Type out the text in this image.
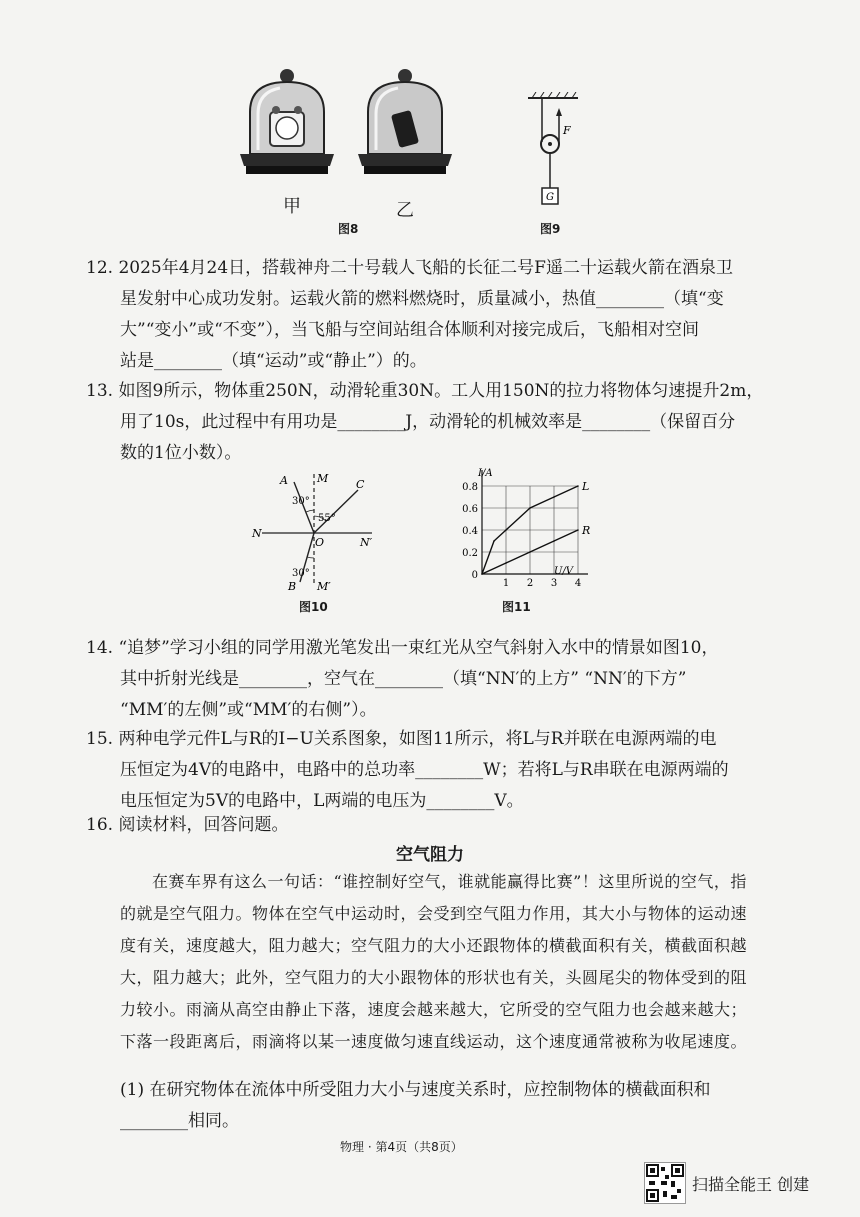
甲	乙
图8
F
G
图9
12. 2025年4月24日，搭载神舟二十号载人飞船的长征二号F遥二十运载火箭在酒泉卫
星发射中心成功发射。运载火箭的燃料燃烧时，质量减小，热值________（填“变
大”“变小”或“不变”），当飞船与空间站组合体顺利对接完成后，飞船相对空间
站是________（填“运动”或“静止”）的。
13. 如图9所示，物体重250N，动滑轮重30N。工人用150N的拉力将物体匀速提升2m，
用了10s，此过程中有用功是________J，动滑轮的机械效率是________（保留百分
数的1位小数）。
A	M	C
N
O	N′
B M′
30°
55°
30°
图10
0.8
0.6
0.4
0.2
0
1 2 3 4
I/A
U/V
L
R
图11
14. “追梦”学习小组的同学用激光笔发出一束红光从空气斜射入水中的情景如图10，
其中折射光线是________，空气在________（填“NN′的上方” “NN′的下方”
“MM′的左侧”或“MM′的右侧”）。
15. 两种电学元件L与R的I−U关系图象，如图11所示，将L与R并联在电源两端的电
压恒定为4V的电路中，电路中的总功率________W；若将L与R串联在电源两端的
电压恒定为5V的电路中，L两端的电压为________V。
16. 阅读材料，回答问题。
空气阻力

在赛车界有这么一句话：“谁控制好空气，谁就能赢得比赛”！这里所说的空气，指的就是空气阻力。物体在空气中运动时，会受到空气阻力作用，其大小与物体的运动速度有关，速度越大，阻力越大；空气阻力的大小还跟物体的横截面积有关，横截面积越大，阻力越大；此外，空气阻力的大小跟物体的形状也有关，头圆尾尖的物体受到的阻力较小。雨滴从高空由静止下落，速度会越来越大，它所受的空气阻力也会越来越大；下落一段距离后，雨滴将以某一速度做匀速直线运动，这个速度通常被称为收尾速度。

(1) 在研究物体在流体中所受阻力大小与速度关系时，应控制物体的横截面积和
________相同。
物理 · 第4页（共8页）
扫描全能王 创建
